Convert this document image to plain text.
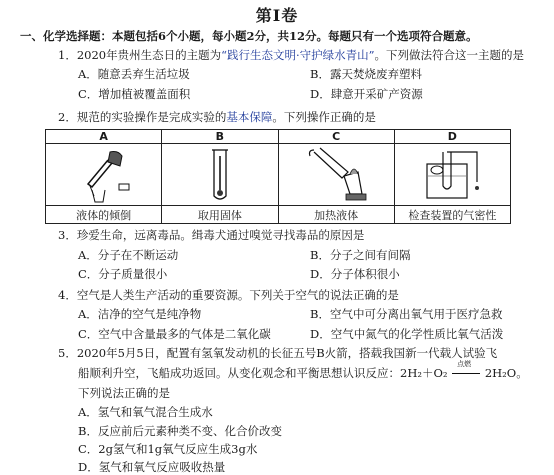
第Ⅰ卷
一、化学选择题：本题包括6个小题，每小题2分，共12分。每题只有一个选项符合题意。
1．2020年贵州生态日的主题为“践行生态文明·守护绿水青山”。下列做法符合这一主题的是
A．随意丢弃生活垃圾	B．露天焚烧废弃塑料
C．增加植被覆盖面积	D．肆意开采矿产资源
2．规范的实验操作是完成实验的基本保障。下列操作正确的是
A	B	C	D

液体的倾倒	取用固体	加热液体	检查装置的气密性
3．珍爱生命，远离毒品。缉毒犬通过嗅觉寻找毒品的原因是
A．分子在不断运动	B．分子之间有间隔
C．分子质量很小	D．分子体积很小
4．空气是人类生产活动的重要资源。下列关于空气的说法正确的是
A．洁净的空气是纯净物	B．空气中可分离出氧气用于医疗急救
C．空气中含量最多的气体是二氧化碳	D．空气中氮气的化学性质比氧气活泼
5．2020年5月5日，配置有氢氧发动机的长征五号B火箭，搭载我国新一代载人试验飞
船顺利升空，飞船成功返回。从变化观念和平衡思想认识反应：2H₂＋O₂
点燃
2H₂O。
下列说法正确的是
A．氢气和氧气混合生成水
B．反应前后元素种类不变、化合价改变
C．2g氢气和1g氧气反应生成3g水
D．氢气和氧气反应吸收热量
